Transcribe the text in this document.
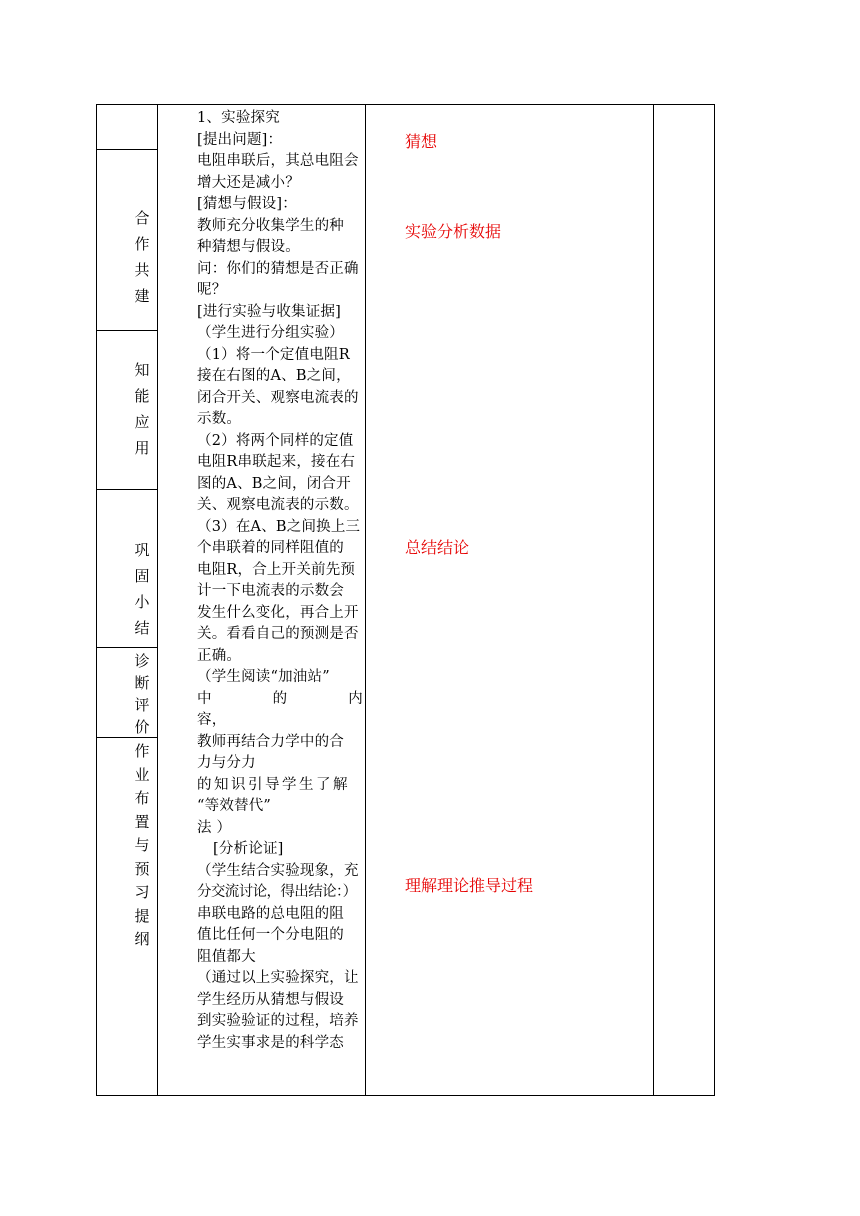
合
作
共
建
知
能
应
用
巩
固
小
结
诊
断
评
价
作
业
布
置
与
预
习
提
纲

1、实验探究

[提出问题]：

电阻串联后，其总电阻会

增大还是减小？

[猜想与假设]：

教师充分收集学生的种

种猜想与假设。

问：你们的猜想是否正确

呢？

[进行实验与收集证据]

（学生进行分组实验）

（1）将一个定值电阻R

接在右图的A、B之间，

闭合开关、观察电流表的

示数。

（2）将两个同样的定值

电阻R串联起来，接在右

图的A、B之间，闭合开

关、观察电流表的示数。

（3）在A、B之间换上三

个串联着的同样阻值的

电阻R，合上开关前先预

计一下电流表的示数会

发生什么变化，再合上开

关。看看自己的预测是否

正确。

（学生阅读“加油站”

中	的	内

容，

教师再结合力学中的合

力与分力

的知识引导学生了解

“等效替代”

法 ）

[分析论证]

（学生结合实验现象，充

分交流讨论，得出结论：）

串联电路的总电阻的阻

值比任何一个分电阻的

阻值都大

（通过以上实验探究，让

学生经历从猜想与假设

到实验验证的过程，培养

学生实事求是的科学态

猜想
实验分析数据
总结结论
理解理论推导过程
